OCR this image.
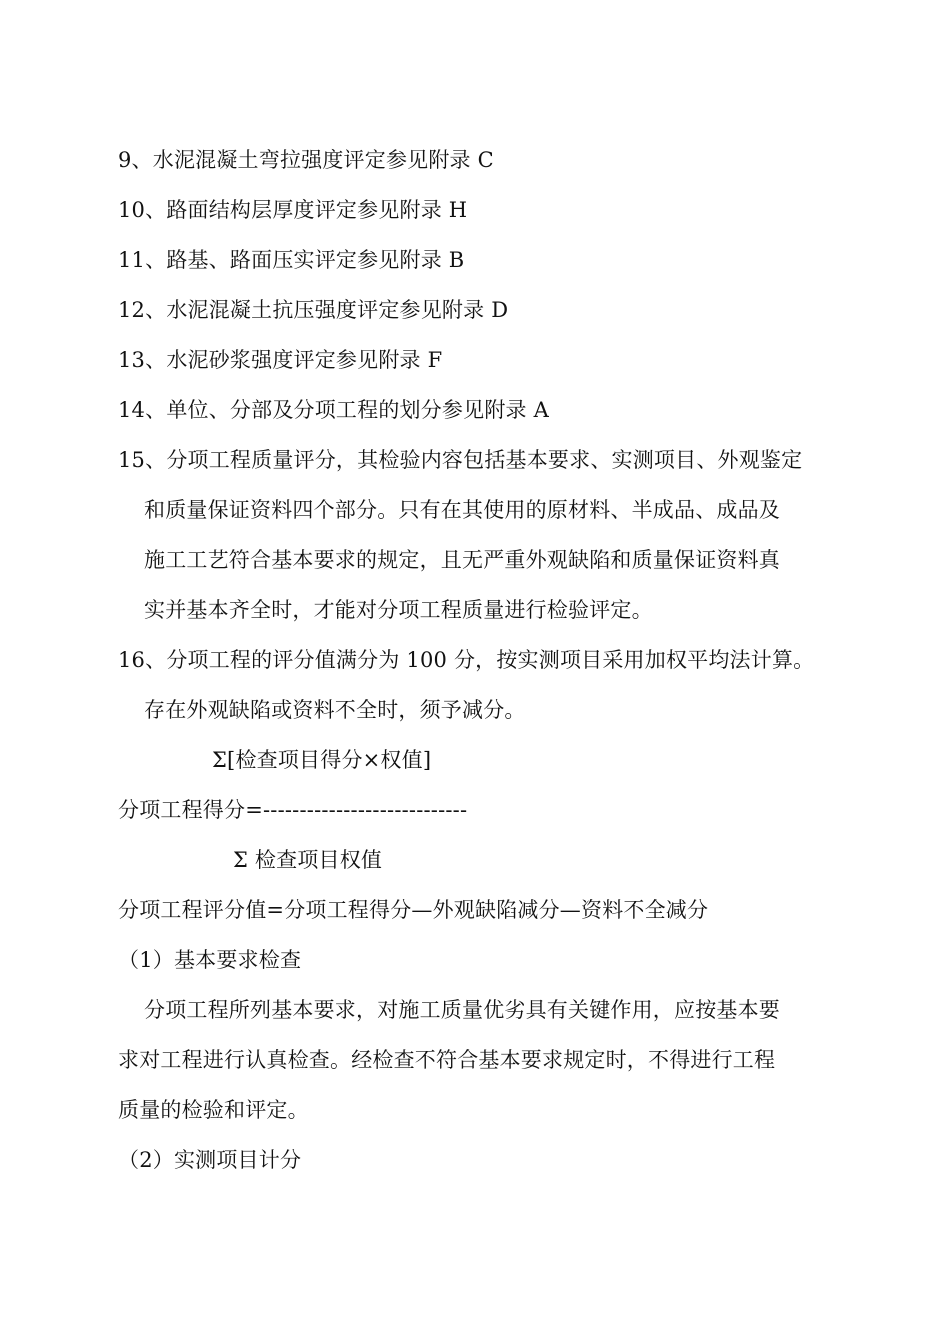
9、水泥混凝土弯拉强度评定参见附录 C
10、路面结构层厚度评定参见附录 H
11、路基、路面压实评定参见附录 B
12、水泥混凝土抗压强度评定参见附录 D
13、水泥砂浆强度评定参见附录 F
14、单位、分部及分项工程的划分参见附录 A
15、分项工程质量评分，其检验内容包括基本要求、实测项目、外观鉴定
和质量保证资料四个部分。只有在其使用的原材料、半成品、成品及
施工工艺符合基本要求的规定，且无严重外观缺陷和质量保证资料真
实并基本齐全时，才能对分项工程质量进行检验评定。
16、分项工程的评分值满分为 100 分，按实测项目采用加权平均法计算。
存在外观缺陷或资料不全时，须予减分。
Σ[检查项目得分×权值]
分项工程得分=----------------------------
Σ 检查项目权值
分项工程评分值=分项工程得分—外观缺陷减分—资料不全减分
（1）基本要求检查
分项工程所列基本要求，对施工质量优劣具有关键作用，应按基本要
求对工程进行认真检查。经检查不符合基本要求规定时，不得进行工程
质量的检验和评定。
（2）实测项目计分
